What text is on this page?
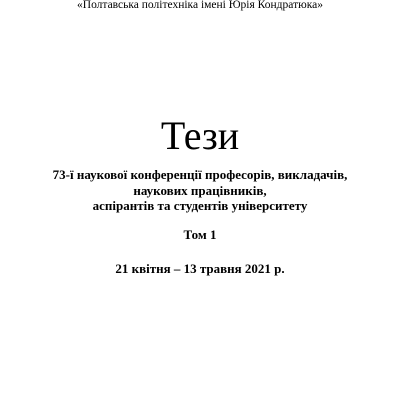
«Полтавська політехніка імені Юрія Кондратюка»
Тези
73-ї наукової конференції професорів, викладачів,
наукових працівників,
аспірантів та студентів університету
Том 1
21 квітня – 13 травня 2021 р.
